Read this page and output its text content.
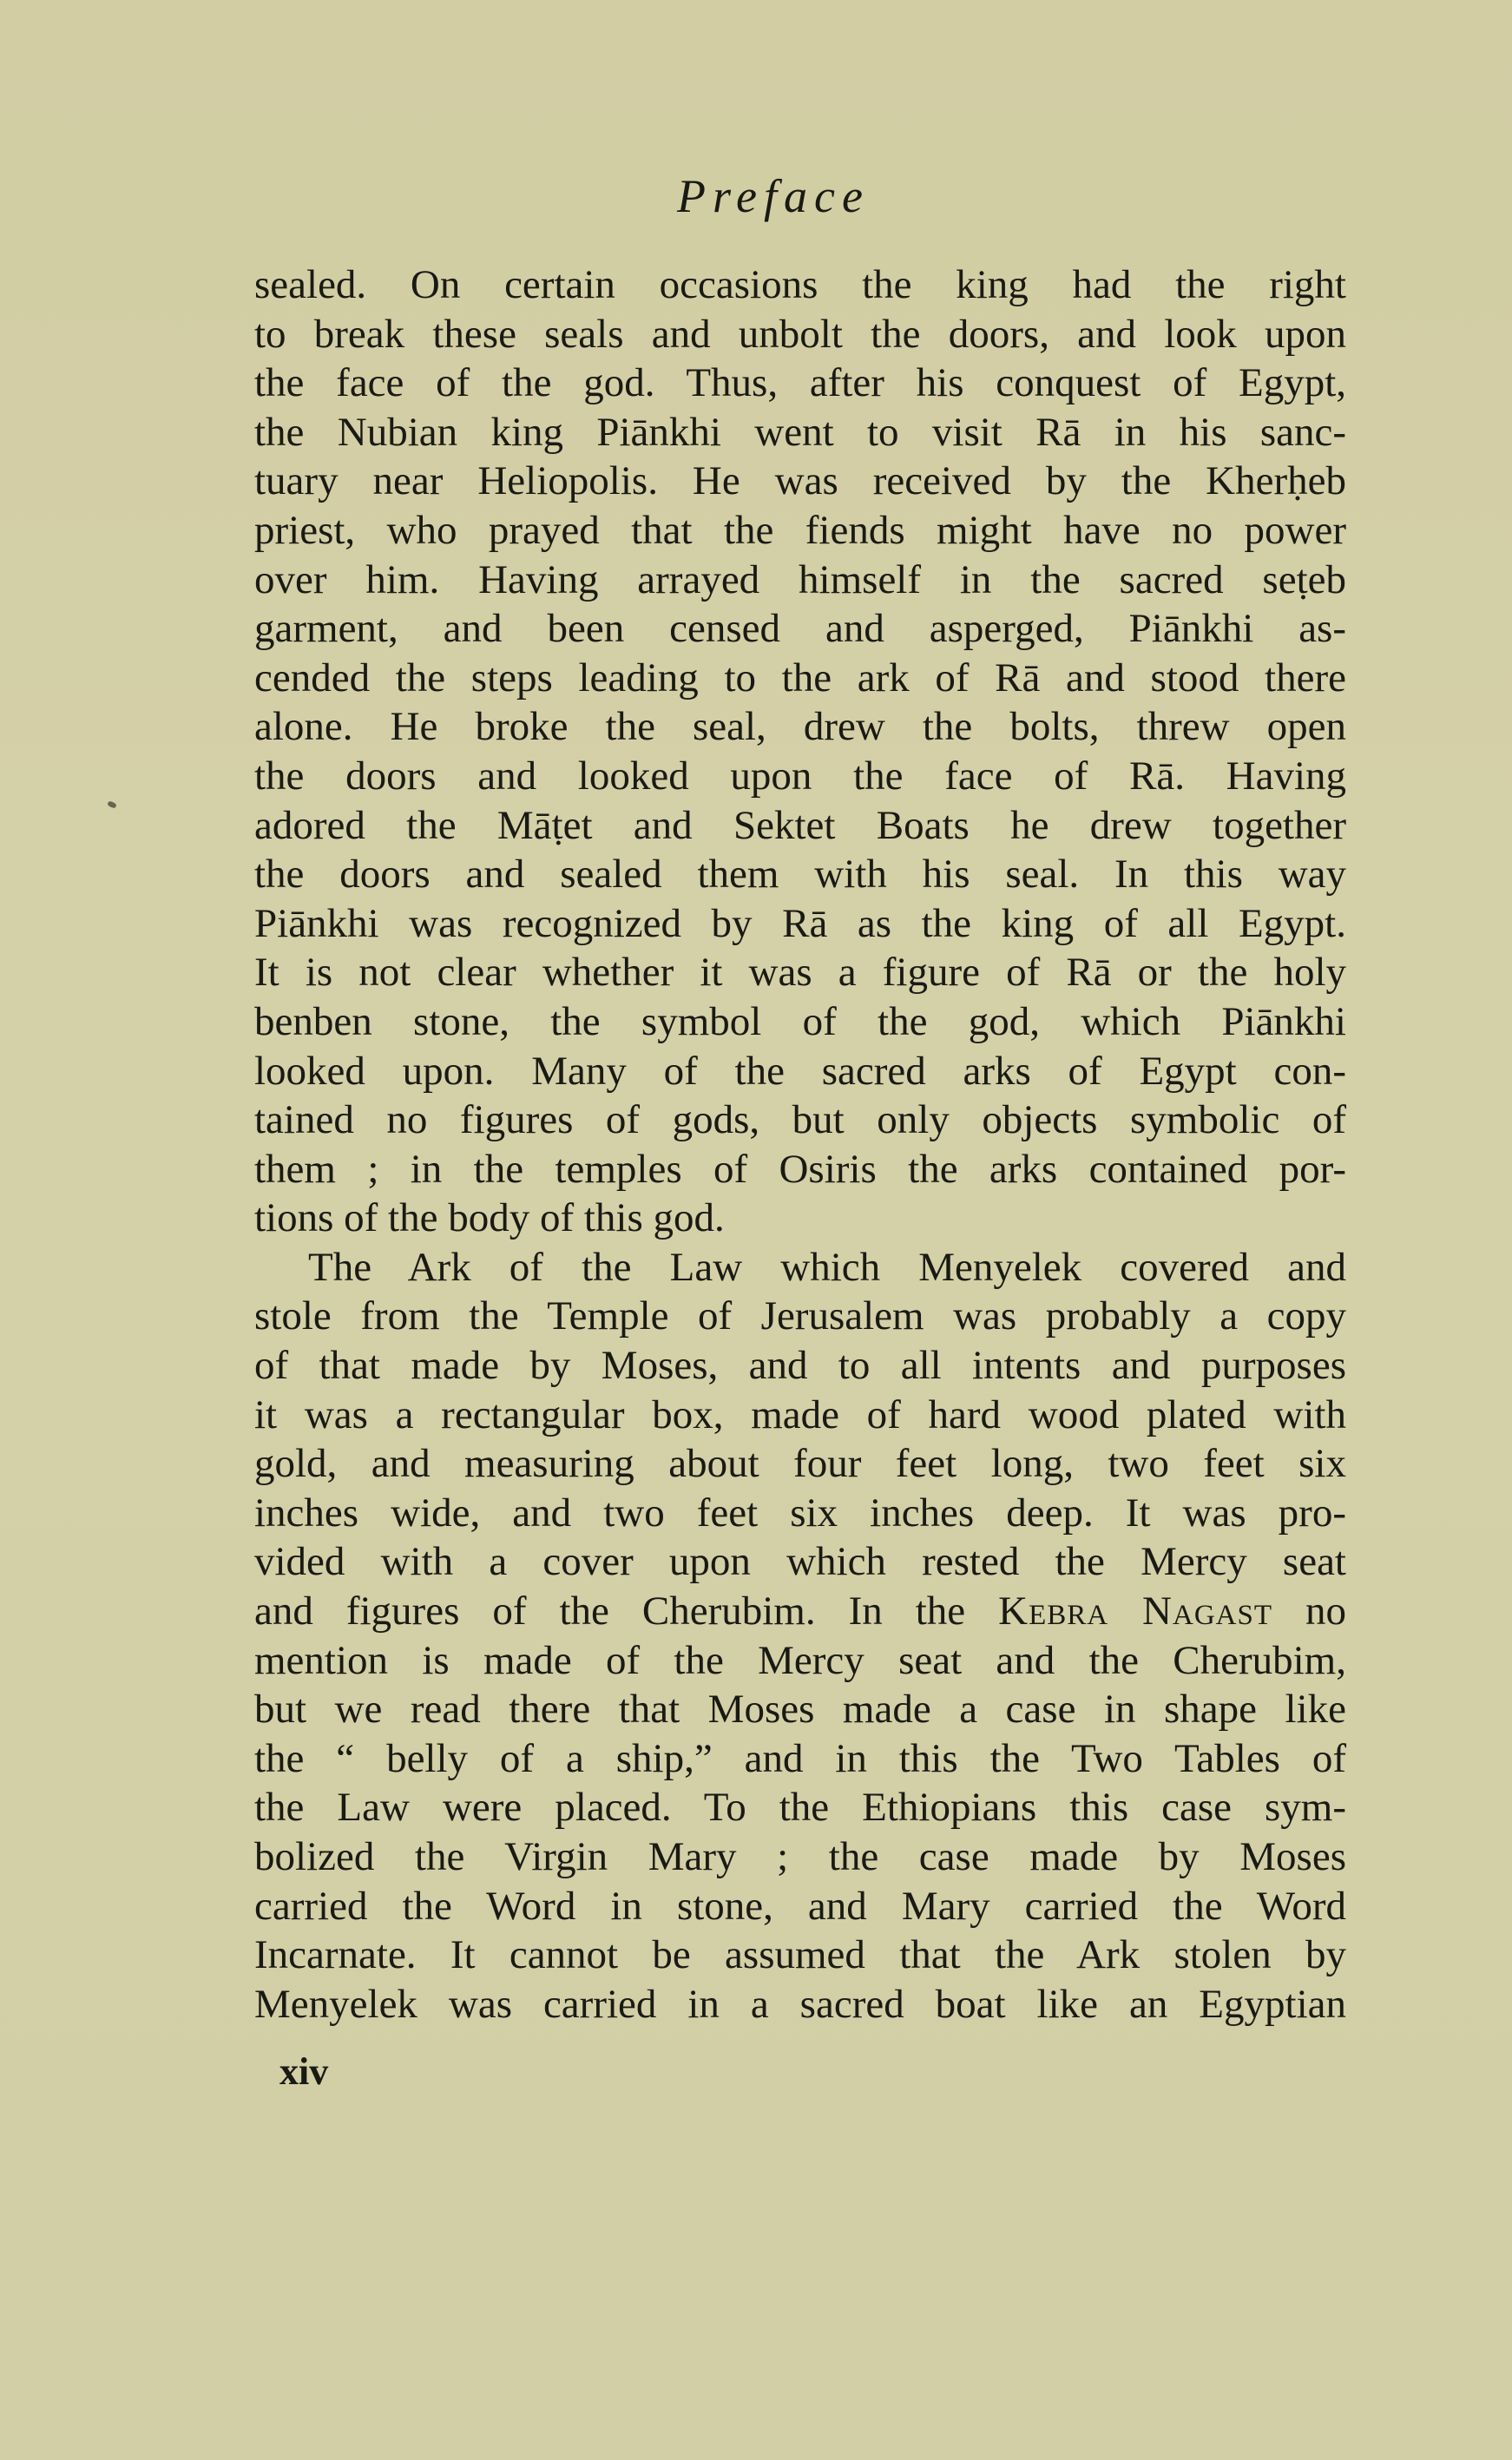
Preface
sealed. On certain occasions the king had the right
to break these seals and unbolt the doors, and look upon
the face of the god. Thus, after his conquest of Egypt,
the Nubian king Piānkhi went to visit Rā in his sanc-
tuary near Heliopolis. He was received by the Kherḥeb
priest, who prayed that the fiends might have no power
over him. Having arrayed himself in the sacred seṭeb
garment, and been censed and asperged, Piānkhi as-
cended the steps leading to the ark of Rā and stood there
alone. He broke the seal, drew the bolts, threw open
the doors and looked upon the face of Rā. Having
adored the Māṭet and Sektet Boats he drew together
the doors and sealed them with his seal. In this way
Piānkhi was recognized by Rā as the king of all Egypt.
It is not clear whether it was a figure of Rā or the holy
benben stone, the symbol of the god, which Piānkhi
looked upon. Many of the sacred arks of Egypt con-
tained no figures of gods, but only objects symbolic of
them ; in the temples of Osiris the arks contained por-
tions of the body of this god.
The Ark of the Law which Menyelek covered and
stole from the Temple of Jerusalem was probably a copy
of that made by Moses, and to all intents and purposes
it was a rectangular box, made of hard wood plated with
gold, and measuring about four feet long, two feet six
inches wide, and two feet six inches deep. It was pro-
vided with a cover upon which rested the Mercy seat
and figures of the Cherubim. In the Kebra Nagast no
mention is made of the Mercy seat and the Cherubim,
but we read there that Moses made a case in shape like
the “ belly of a ship,” and in this the Two Tables of
the Law were placed. To the Ethiopians this case sym-
bolized the Virgin Mary ; the case made by Moses
carried the Word in stone, and Mary carried the Word
Incarnate. It cannot be assumed that the Ark stolen by
Menyelek was carried in a sacred boat like an Egyptian
xiv
